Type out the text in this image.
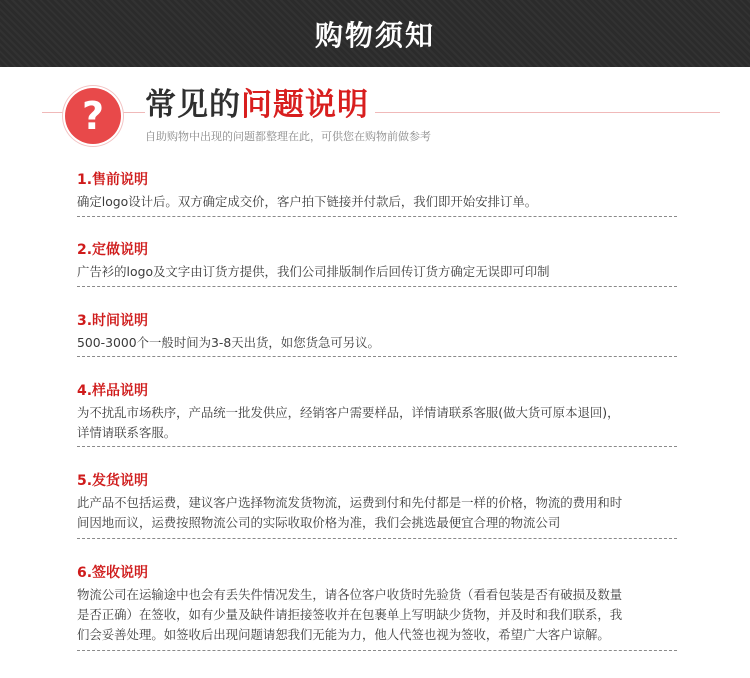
购物须知
?	常见的问题说明
自助购物中出现的问题都整理在此，可供您在购物前做参考
1.售前说明
确定logo设计后。双方确定成交价，客户拍下链接并付款后，我们即开始安排订单。
2.定做说明
广告衫的logo及文字由订货方提供，我们公司排版制作后回传订货方确定无误即可印制
3.时间说明
500-3000个一般时间为3-8天出货，如您货急可另议。
4.样品说明
为不扰乱市场秩序，产品统一批发供应，经销客户需要样品，详情请联系客服(做大货可原本退回)，
详情请联系客服。
5.发货说明
此产品不包括运费，建议客户选择物流发货物流，运费到付和先付都是一样的价格，物流的费用和时
间因地而议，运费按照物流公司的实际收取价格为准，我们会挑选最便宜合理的物流公司
6.签收说明
物流公司在运输途中也会有丢失件情况发生，请各位客户收货时先验货（看看包装是否有破损及数量
是否正确）在签收，如有少量及缺件请拒接签收并在包裹单上写明缺少货物，并及时和我们联系，我
们会妥善处理。如签收后出现问题请恕我们无能为力，他人代签也视为签收，希望广大客户谅解。
